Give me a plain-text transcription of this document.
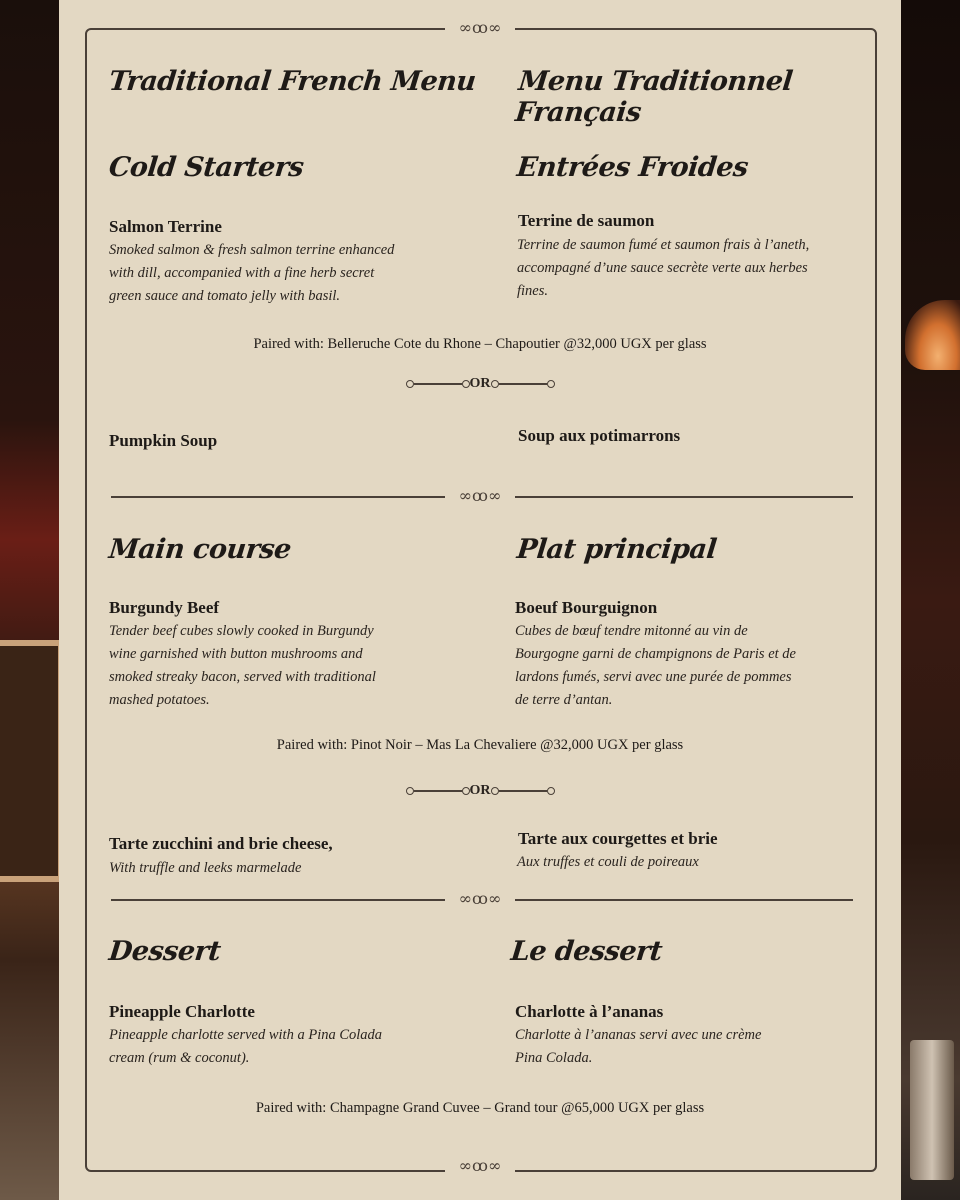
∞ꝏ∞
∞ꝏ∞
Traditional French Menu Menu Traditionnel Français
Cold Starters	Entrées Froides
Salmon Terrine
Smoked salmon & fresh salmon terrine enhanced
with dill, accompanied with a fine herb secret
green sauce and tomato jelly with basil.
Terrine de saumon
Terrine de saumon fumé et saumon frais à l’aneth,
accompagné d’une sauce secrète verte aux herbes
fines.
Paired with: Belleruche Cote du Rhone – Chapoutier @32,000 UGX per glass
OR
Pumpkin Soup	Soup aux potimarrons
∞ꝏ∞
Main course	Plat principal
Burgundy Beef
Tender beef cubes slowly cooked in Burgundy
wine garnished with button mushrooms and
smoked streaky bacon, served with traditional
mashed potatoes.
Boeuf Bourguignon
Cubes de bœuf tendre mitonné au vin de
Bourgogne garni de champignons de Paris et de
lardons fumés, servi avec une purée de pommes
de terre d’antan.
Paired with: Pinot Noir – Mas La Chevaliere @32,000 UGX per glass
OR
Tarte zucchini and brie cheese,
With truffle and leeks marmelade
Tarte aux courgettes et brie
Aux truffes et couli de poireaux
∞ꝏ∞
Dessert	Le dessert
Pineapple Charlotte
Pineapple charlotte served with a Pina Colada
cream (rum & coconut).
Charlotte à l’ananas
Charlotte à l’ananas servi avec une crème
Pina Colada.
Paired with: Champagne Grand Cuvee – Grand tour @65,000 UGX per glass
